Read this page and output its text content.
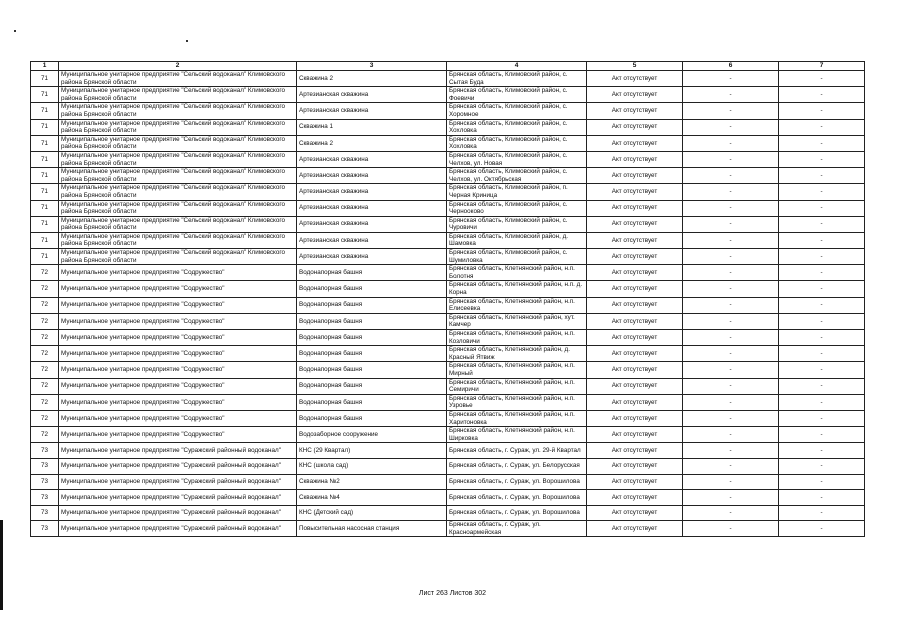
1	2	3	4	5	6	7
71	Муниципальное унитарное предприятие "Сельский водоканал" Климовского района Брянской области	Скважина 2	Брянская область, Климовский район, с. Сытая Буда	Акт отсутствует	-	-
71	Муниципальное унитарное предприятие "Сельский водоканал" Климовского района Брянской области	Артезианская скважина	Брянская область, Климовский район, с. Фоевичи	Акт отсутствует	-	-
71	Муниципальное унитарное предприятие "Сельский водоканал" Климовского района Брянской области	Артезианская скважина	Брянская область, Климовский район, с. Хоромное	Акт отсутствует	-	-
71	Муниципальное унитарное предприятие "Сельский водоканал" Климовского района Брянской области	Скважина 1	Брянская область, Климовский район, с. Хохловка	Акт отсутствует	-	-
71	Муниципальное унитарное предприятие "Сельский водоканал" Климовского района Брянской области	Скважина 2	Брянская область, Климовский район, с. Хохловка	Акт отсутствует	-	-
71	Муниципальное унитарное предприятие "Сельский водоканал" Климовского района Брянской области	Артезианская скважина	Брянская область, Климовский район, с. Чeлхов, ул. Новая	Акт отсутствует	-	-
71	Муниципальное унитарное предприятие "Сельский водоканал" Климовского района Брянской области	Артезианская скважина	Брянская область, Климовский район, с. Чeлхов, ул. Октябрьская	Акт отсутствует	-	-
71	Муниципальное унитарное предприятие "Сельский водоканал" Климовского района Брянской области	Артезианская скважина	Брянская область, Климовский район, п. Черная Криница	Акт отсутствует	-	-
71	Муниципальное унитарное предприятие "Сельский водоканал" Климовского района Брянской области	Артезианская скважина	Брянская область, Климовский район, с. Чернооково	Акт отсутствует	-	-
71	Муниципальное унитарное предприятие "Сельский водоканал" Климовского района Брянской области	Артезианская скважина	Брянская область, Климовский район, с. Чуровичи	Акт отсутствует	-	-
71	Муниципальное унитарное предприятие "Сельский водоканал" Климовского района Брянской области	Артезианская скважина	Брянская область, Климовский район, д. Шамовка	Акт отсутствует	-	-
71	Муниципальное унитарное предприятие "Сельский водоканал" Климовского района Брянской области	Артезианская скважина	Брянская область, Климовский район, с. Шумиловка	Акт отсутствует	-	-
72	Муниципальное унитарное предприятие "Содружество"	Водонапорная башня	Брянская область, Клетнянский район, н.п. Болотня	Акт отсутствует	-	-
72	Муниципальное унитарное предприятие "Содружество"	Водонапорная башня	Брянская область, Клетнянский район, н.п. д. Корна	Акт отсутствует	-	-
72	Муниципальное унитарное предприятие "Содружество"	Водонапорная башня	Брянская область, Клетнянский район, н.п. Елисеевка	Акт отсутствует	-	-
72	Муниципальное унитарное предприятие "Содружество"	Водонапорная башня	Брянская область, Клетнянский район, хут. Камчер	Акт отсутствует	-	-
72	Муниципальное унитарное предприятие "Содружество"	Водонапорная башня	Брянская область, Клетнянский район, н.п. Козловичи	Акт отсутствует	-	-
72	Муниципальное унитарное предприятие "Содружество"	Водонапорная башня	Брянская область, Клетнянский район, д. Красный Ятвиж	Акт отсутствует	-	-
72	Муниципальное унитарное предприятие "Содружество"	Водонапорная башня	Брянская область, Клетнянский район, н.п. Мирный	Акт отсутствует	-	-
72	Муниципальное унитарное предприятие "Содружество"	Водонапорная башня	Брянская область, Клетнянский район, н.п. Семиричи	Акт отсутствует	-	-
72	Муниципальное унитарное предприятие "Содружество"	Водонапорная башня	Брянская область, Клетнянский район, н.п. Узровье	Акт отсутствует	-	-
72	Муниципальное унитарное предприятие "Содружество"	Водонапорная башня	Брянская область, Клетнянский район, н.п. Харитоновка	Акт отсутствует	-	-
72	Муниципальное унитарное предприятие "Содружество"	Водозаборное сооружение	Брянская область, Клетнянский район, н.п. Ширковка	Акт отсутствует	-	-
73	Муниципальное унитарное предприятие "Суражский районный водоканал"	КНС (29 Квартал)	Брянская область, г. Сураж, ул. 29-й Квартал	Акт отсутствует	-	-
73	Муниципальное унитарное предприятие "Суражский районный водоканал"	КНС (школа сад)	Брянская область, г. Сураж, ул. Белорусская	Акт отсутствует	-	-
73	Муниципальное унитарное предприятие "Суражский районный водоканал"	Скважина №2	Брянская область, г. Сураж, ул. Ворошилова	Акт отсутствует	-	-
73	Муниципальное унитарное предприятие "Суражский районный водоканал"	Скважина №4	Брянская область, г. Сураж, ул. Ворошилова	Акт отсутствует	-	-
73	Муниципальное унитарное предприятие "Суражский районный водоканал"	КНС (Детский сад)	Брянская область, г. Сураж, ул. Ворошилова	Акт отсутствует	-	-
73	Муниципальное унитарное предприятие "Суражский районный водоканал"	Повысительная насосная станция	Брянская область, г. Сураж, ул. Красноармейская	Акт отсутствует	-	-
Лист 263 Листов 302
